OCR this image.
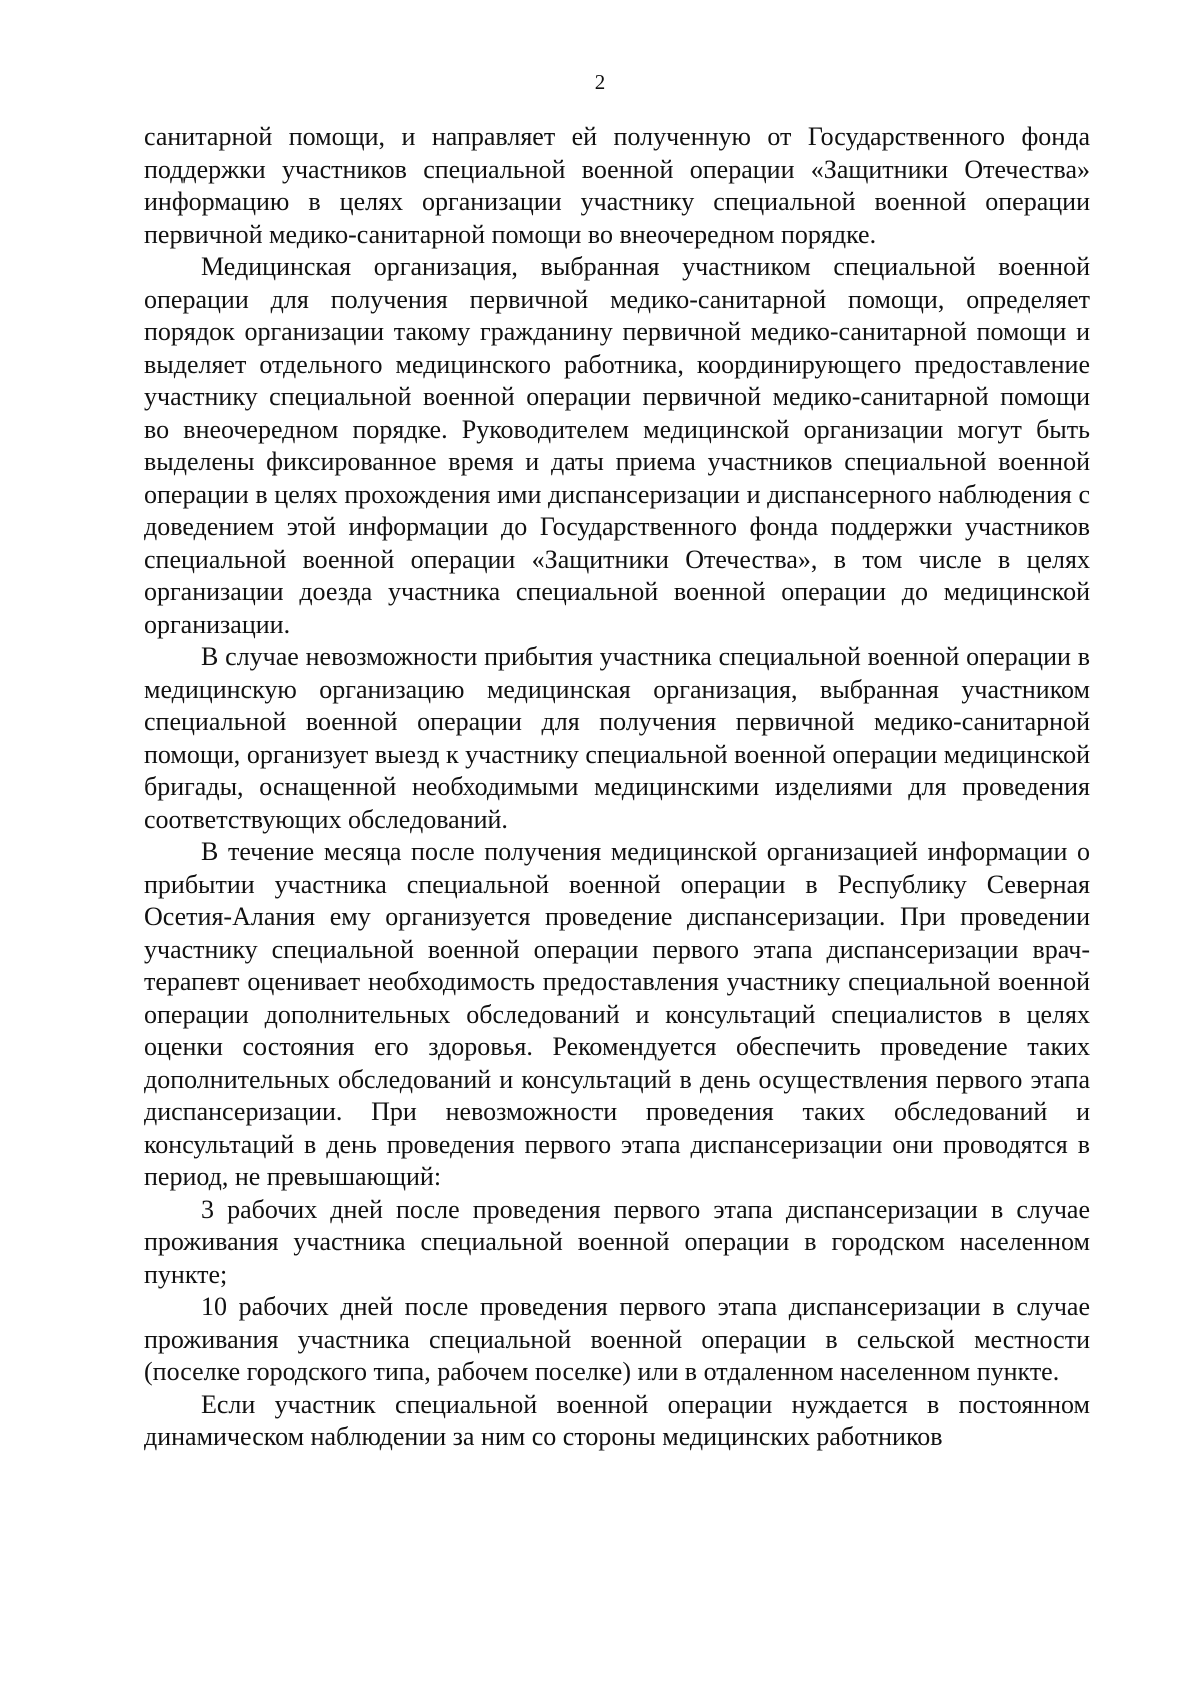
2

санитарной помощи, и направляет ей полученную от Государственного фонда поддержки участников специальной военной операции «Защитники Отечества» информацию в целях организации участнику специальной военной операции первичной медико-санитарной помощи во внеочередном порядке.

Медицинская организация, выбранная участником специальной военной операции для получения первичной медико-санитарной помощи, определяет порядок организации такому гражданину первичной медико-санитарной помощи и выделяет отдельного медицинского работника, координирующего предоставление участнику специальной военной операции первичной медико-санитарной помощи во внеочередном порядке. Руководителем медицинской организации могут быть выделены фиксированное время и даты приема участников специальной военной операции в целях прохождения ими диспансеризации и диспансерного наблюдения с доведением этой информации до Государственного фонда поддержки участников специальной военной операции «Защитники Отечества», в том числе в целях организации доезда участника специальной военной операции до медицинской организации.

В случае невозможности прибытия участника специальной военной операции в медицинскую организацию медицинская организация, выбранная участником специальной военной операции для получения первичной медико-санитарной помощи, организует выезд к участнику специальной военной операции медицинской бригады, оснащенной необходимыми медицинскими изделиями для проведения соответствующих обследований.

В течение месяца после получения медицинской организацией информации о прибытии участника специальной военной операции в Республику Северная Осетия-Алания ему организуется проведение диспансеризации. При проведении участнику специальной военной операции первого этапа диспансеризации врач-терапевт оценивает необходимость предоставления участнику специальной военной операции дополнительных обследований и консультаций специалистов в целях оценки состояния его здоровья. Рекомендуется обеспечить проведение таких дополнительных обследований и консультаций в день осуществления первого этапа диспансеризации. При невозможности проведения таких обследований и консультаций в день проведения первого этапа диспансеризации они проводятся в период, не превышающий:

3 рабочих дней после проведения первого этапа диспансеризации в случае проживания участника специальной военной операции в городском населенном пункте;

10 рабочих дней после проведения первого этапа диспансеризации в случае проживания участника специальной военной операции в сельской местности (поселке городского типа, рабочем поселке) или в отдаленном населенном пункте.

Если участник специальной военной операции нуждается в постоянном динамическом наблюдении за ним со стороны медицинских работников
